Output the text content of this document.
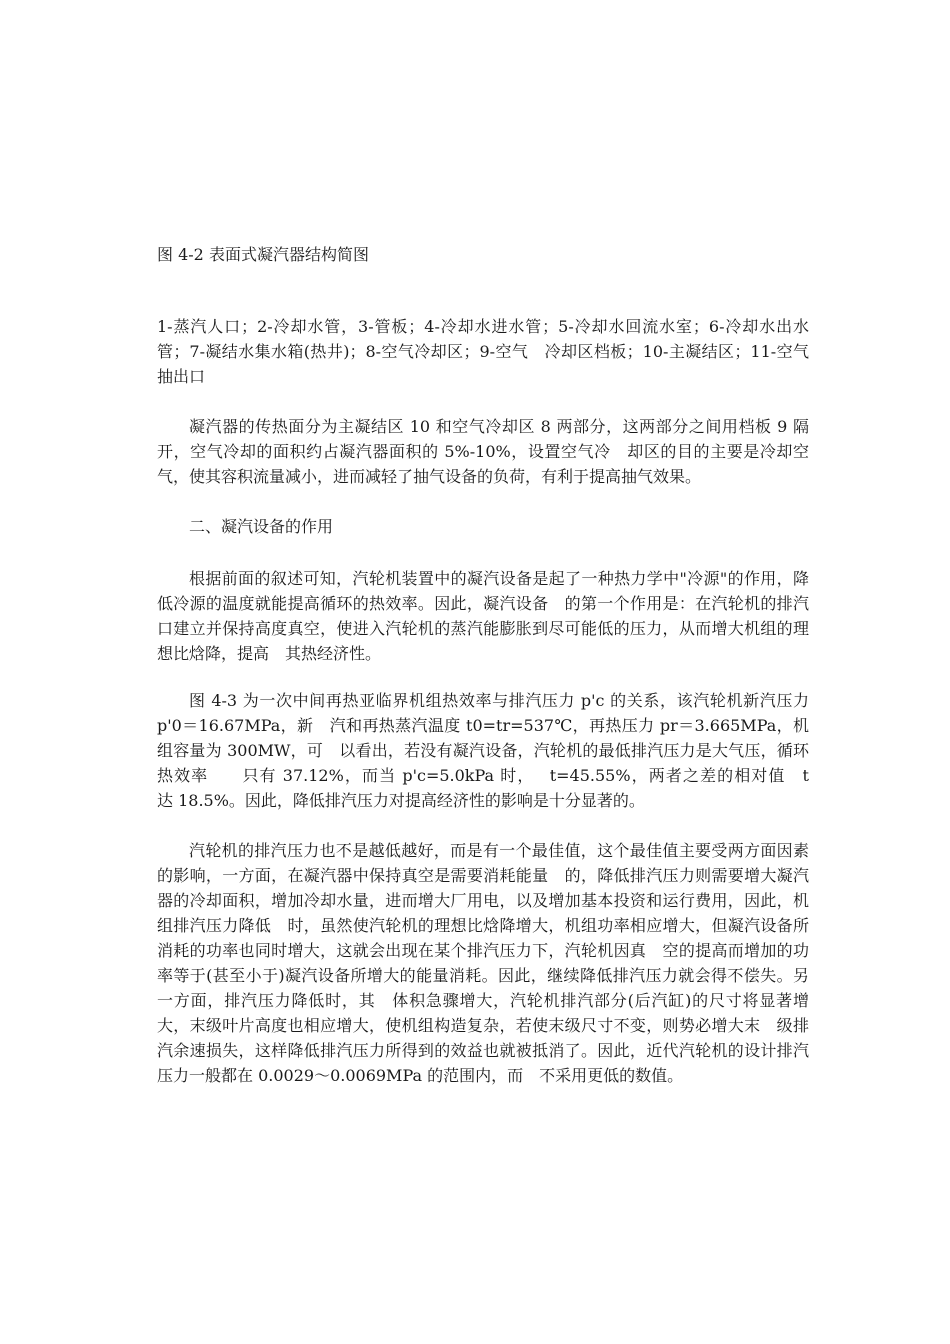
图 4-2 表面式凝汽器结构简图
1-蒸汽人口；2-冷却水管，3-管板；4-冷却水进水管；5-冷却水回流水室；6-冷却水出水管；7-凝结水集水箱(热井)；8-空气冷却区；9-空气　冷却区档板；10-主凝结区；11-空气抽出口
凝汽器的传热面分为主凝结区 10 和空气冷却区 8 两部分，这两部分之间用档板 9 隔开，空气冷却的面积约占凝汽器面积的 5%-10%，设置空气冷　却区的目的主要是冷却空气，使其容积流量减小，进而减轻了抽气设备的负荷，有利于提高抽气效果。
二、凝汽设备的作用
根据前面的叙述可知，汽轮机装置中的凝汽设备是起了一种热力学中"冷源"的作用，降低冷源的温度就能提高循环的热效率。因此，凝汽设备　的第一个作用是：在汽轮机的排汽口建立并保持高度真空，使进入汽轮机的蒸汽能膨胀到尽可能低的压力，从而增大机组的理想比焓降，提高　其热经济性。
图 4-3 为一次中间再热亚临界机组热效率与排汽压力 p'c 的关系，该汽轮机新汽压力 p'0＝16.67MPa，新　汽和再热蒸汽温度 t0=tr=537℃，再热压力 pr＝3.665MPa，机组容量为 300MW，可　以看出，若没有凝汽设备，汽轮机的最低排汽压力是大气压，循环热效率　　只有 37.12%，而当 p'c=5.0kPa 时，　 t=45.55%，两者之差的相对值　t　达 18.5%。因此，降低排汽压力对提高经济性的影响是十分显著的。
汽轮机的排汽压力也不是越低越好，而是有一个最佳值，这个最佳值主要受两方面因素的影响，一方面，在凝汽器中保持真空是需要消耗能量　的，降低排汽压力则需要增大凝汽器的冷却面积，增加冷却水量，进而增大厂用电，以及增加基本投资和运行费用，因此，机组排汽压力降低　时，虽然使汽轮机的理想比焓降增大，机组功率相应增大，但凝汽设备所消耗的功率也同时增大，这就会出现在某个排汽压力下，汽轮机因真　空的提高而增加的功率等于(甚至小于)凝汽设备所增大的能量消耗。因此，继续降低排汽压力就会得不偿失。另一方面，排汽压力降低时，其　体积急骤增大，汽轮机排汽部分(后汽缸)的尺寸将显著增大，末级叶片高度也相应增大，使机组构造复杂，若使末级尺寸不变，则势必增大末　级排汽余速损失，这样降低排汽压力所得到的效益也就被抵消了。因此，近代汽轮机的设计排汽压力一般都在 0.0029～0.0069MPa 的范围内，而　不采用更低的数值。
